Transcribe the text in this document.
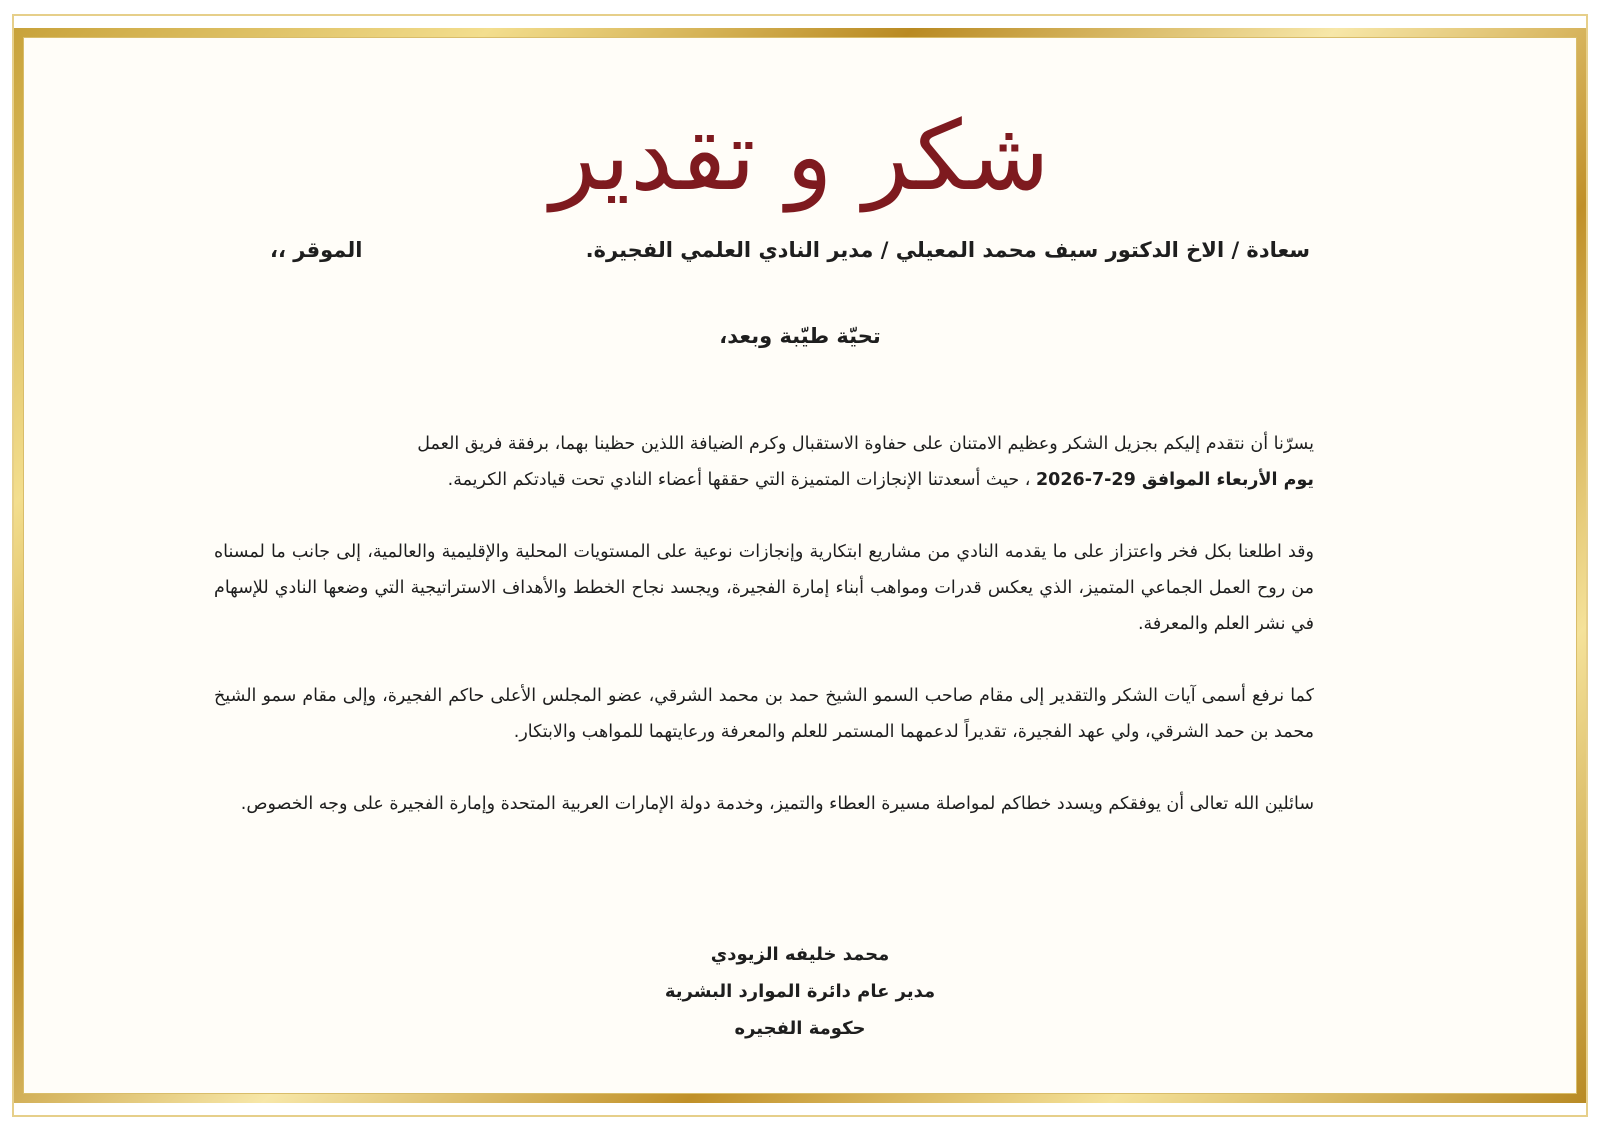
شكر و تقدير
سعادة / الاخ الدكتور سيف محمد المعيلي / مدير النادي العلمي الفجيرة.
الموقر ،،
تحيّة طيّبة وبعد،

يسرّنا أن نتقدم إليكم بجزيل الشكر وعظيم الامتنان على حفاوة الاستقبال وكرم الضيافة اللذين حظينا بهما، برفقة فريق العمل
يوم الأربعاء الموافق 29-7-2026 ، حيث أسعدتنا الإنجازات المتميزة التي حققها أعضاء النادي تحت قيادتكم الكريمة.

وقد اطلعنا بكل فخر واعتزاز على ما يقدمه النادي من مشاريع ابتكارية وإنجازات نوعية على المستويات المحلية والإقليمية والعالمية، إلى جانب ما لمسناه من روح العمل الجماعي المتميز، الذي يعكس قدرات ومواهب أبناء إمارة الفجيرة، ويجسد نجاح الخطط والأهداف الاستراتيجية التي وضعها النادي للإسهام في نشر العلم والمعرفة.

كما نرفع أسمى آيات الشكر والتقدير إلى مقام صاحب السمو الشيخ حمد بن محمد الشرقي، عضو المجلس الأعلى حاكم الفجيرة، وإلى مقام سمو الشيخ محمد بن حمد الشرقي، ولي عهد الفجيرة، تقديراً لدعمهما المستمر للعلم والمعرفة ورعايتهما للمواهب والابتكار.

سائلين الله تعالى أن يوفقكم ويسدد خطاكم لمواصلة مسيرة العطاء والتميز، وخدمة دولة الإمارات العربية المتحدة وإمارة الفجيرة على وجه الخصوص.

محمد خليفه الزيودي
مدير عام دائرة الموارد البشرية
حكومة الفجيره
